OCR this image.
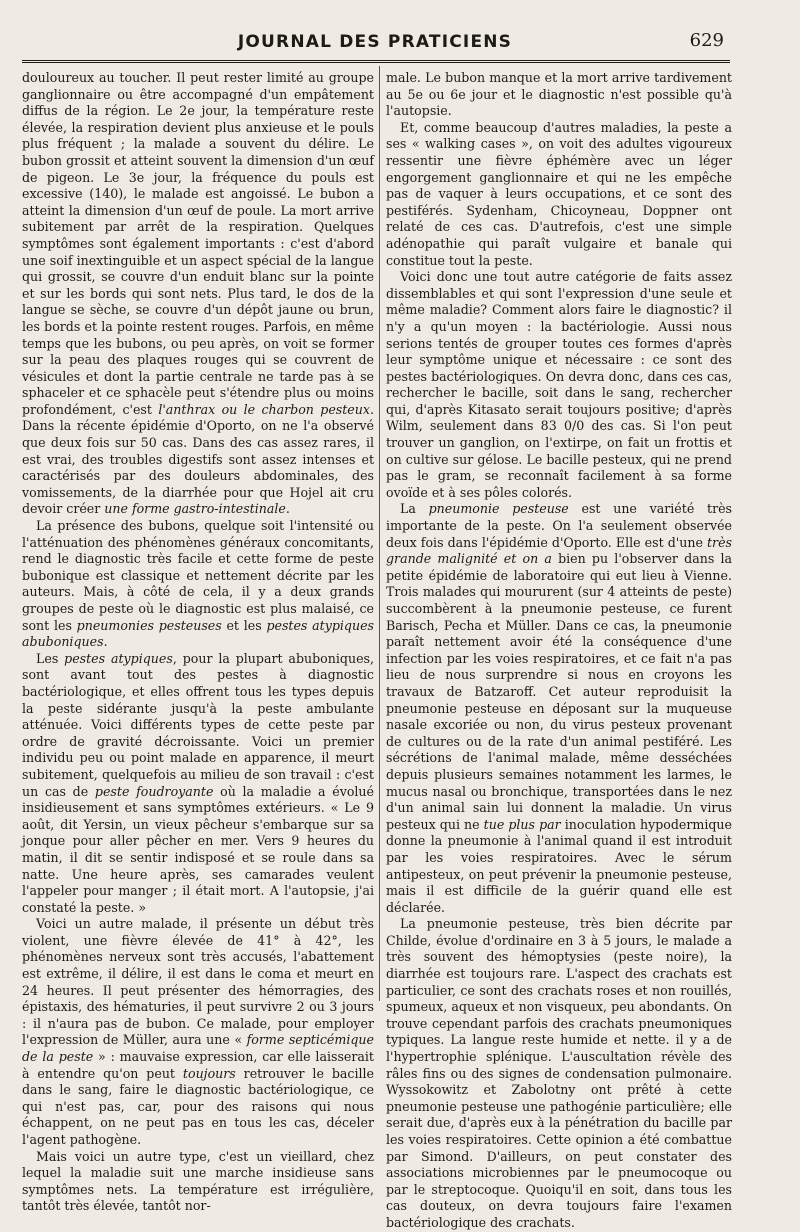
JOURNAL DES PRATICIENS	629

douloureux au toucher. Il peut rester limité au groupe ganglionnaire ou être accompagné d'un empâtement diffus de la région. Le 2e jour, la température reste élevée, la respiration devient plus anxieuse et le pouls plus fréquent ; la malade a souvent du délire. Le bubon grossit et atteint souvent la dimension d'un œuf de pigeon. Le 3e jour, la fréquence du pouls est excessive (140), le malade est angoissé. Le bubon a atteint la dimension d'un œuf de poule. La mort arrive subitement par arrêt de la respiration. Quelques symptômes sont également importants : c'est d'abord une soif inextinguible et un aspect spécial de la langue qui grossit, se couvre d'un enduit blanc sur la pointe et sur les bords qui sont nets. Plus tard, le dos de la langue se sèche, se couvre d'un dépôt jaune ou brun, les bords et la pointe restent rouges. Parfois, en même temps que les bubons, ou peu après, on voit se former sur la peau des plaques rouges qui se couvrent de vésicules et dont la partie centrale ne tarde pas à se sphaceler et ce sphacèle peut s'étendre plus ou moins profondément, c'est l'anthrax ou le charbon pesteux. Dans la récente épidémie d'Oporto, on ne l'a observé que deux fois sur 50 cas. Dans des cas assez rares, il est vrai, des troubles digestifs sont assez intenses et caractérisés par des douleurs abdominales, des vomissements, de la diarrhée pour que Hojel ait cru devoir créer une forme gastro-intestinale.

La présence des bubons, quelque soit l'intensité ou l'atténuation des phénomènes généraux concomitants, rend le diagnostic très facile et cette forme de peste bubonique est classique et nettement décrite par les auteurs. Mais, à côté de cela, il y a deux grands groupes de peste où le diagnostic est plus malaisé, ce sont les pneumonies pesteuses et les pestes atypiques abuboniques.

Les pestes atypiques, pour la plupart abuboniques, sont avant tout des pestes à diagnostic bactériologique, et elles offrent tous les types depuis la peste sidérante jusqu'à la peste ambulante atténuée. Voici différents types de cette peste par ordre de gravité décroissante. Voici un premier individu peu ou point malade en apparence, il meurt subitement, quelquefois au milieu de son travail : c'est un cas de peste foudroyante où la maladie a évolué insidieusement et sans symptômes extérieurs. « Le 9 août, dit Yersin, un vieux pêcheur s'embarque sur sa jonque pour aller pêcher en mer. Vers 9 heures du matin, il dit se sentir indisposé et se roule dans sa natte. Une heure après, ses camarades veulent l'appeler pour manger ; il était mort. A l'autopsie, j'ai constaté la peste. »

Voici un autre malade, il présente un début très violent, une fièvre élevée de 41° à 42°, les phénomènes nerveux sont très accusés, l'abattement est extrême, il délire, il est dans le coma et meurt en 24 heures. Il peut présenter des hémorragies, des épistaxis, des hématuries, il peut survivre 2 ou 3 jours : il n'aura pas de bubon. Ce malade, pour employer l'expression de Müller, aura une « forme septicémique de la peste » : mauvaise expression, car elle laisserait à entendre qu'on peut toujours retrouver le bacille dans le sang, faire le diagnostic bactériologique, ce qui n'est pas, car, pour des raisons qui nous échappent, on ne peut pas en tous les cas, déceler l'agent pathogène.

Mais voici un autre type, c'est un vieillard, chez lequel la maladie suit une marche insidieuse sans symptômes nets. La température est irrégulière, tantôt très élevée, tantôt nor-

male. Le bubon manque et la mort arrive tardivement au 5e ou 6e jour et le diagnostic n'est possible qu'à l'autopsie.

Et, comme beaucoup d'autres maladies, la peste a ses « walking cases », on voit des adultes vigoureux ressentir une fièvre éphémère avec un léger engorgement ganglionnaire et qui ne les empêche pas de vaquer à leurs occupations, et ce sont des pestiférés. Sydenham, Chicoyneau, Doppner ont relaté de ces cas. D'autrefois, c'est une simple adénopathie qui paraît vulgaire et banale qui constitue tout la peste.

Voici donc une tout autre catégorie de faits assez dissemblables et qui sont l'expression d'une seule et même maladie? Comment alors faire le diagnostic? il n'y a qu'un moyen : la bactériologie. Aussi nous serions tentés de grouper toutes ces formes d'après leur symptôme unique et nécessaire : ce sont des pestes bactériologiques. On devra donc, dans ces cas, rechercher le bacille, soit dans le sang, rechercher qui, d'après Kitasato serait toujours positive; d'après Wilm, seulement dans 83 0/0 des cas. Si l'on peut trouver un ganglion, on l'extirpe, on fait un frottis et on cultive sur gélose. Le bacille pesteux, qui ne prend pas le gram, se reconnaît facilement à sa forme ovoïde et à ses pôles colorés.

La pneumonie pesteuse est une variété très importante de la peste. On l'a seulement observée deux fois dans l'épidémie d'Oporto. Elle est d'une très grande malignité et on a bien pu l'observer dans la petite épidémie de laboratoire qui eut lieu à Vienne. Trois malades qui moururent (sur 4 atteints de peste) succombèrent à la pneumonie pesteuse, ce furent Barisch, Pecha et Müller. Dans ce cas, la pneumonie paraît nettement avoir été la conséquence d'une infection par les voies respiratoires, et ce fait n'a pas lieu de nous surprendre si nous en croyons les travaux de Batzaroff. Cet auteur reproduisit la pneumonie pesteuse en déposant sur la muqueuse nasale excoriée ou non, du virus pesteux provenant de cultures ou de la rate d'un animal pestiféré. Les sécrétions de l'animal malade, même desséchées depuis plusieurs semaines notamment les larmes, le mucus nasal ou bronchique, transportées dans le nez d'un animal sain lui donnent la maladie. Un virus pesteux qui ne tue plus par inoculation hypodermique donne la pneumonie à l'animal quand il est introduit par les voies respiratoires. Avec le sérum antipesteux, on peut prévenir la pneumonie pesteuse, mais il est difficile de la guérir quand elle est déclarée.

La pneumonie pesteuse, très bien décrite par Childe, évolue d'ordinaire en 3 à 5 jours, le malade a très souvent des hémoptysies (peste noire), la diarrhée est toujours rare. L'aspect des crachats est particulier, ce sont des crachats roses et non rouillés, spumeux, aqueux et non visqueux, peu abondants. On trouve cependant parfois des crachats pneumoniques typiques. La langue reste humide et nette. il y a de l'hypertrophie splénique. L'auscultation révèle des râles fins ou des signes de condensation pulmonaire. Wyssokowitz et Zabolotny ont prêté à cette pneumonie pesteuse une pathogénie particulière; elle serait due, d'après eux à la pénétration du bacille par les voies respiratoires. Cette opinion a été combattue par Simond. D'ailleurs, on peut constater des associations microbiennes par le pneumocoque ou par le streptocoque. Quoiqu'il en soit, dans tous les cas douteux, on devra toujours faire l'examen bactériologique des crachats.
